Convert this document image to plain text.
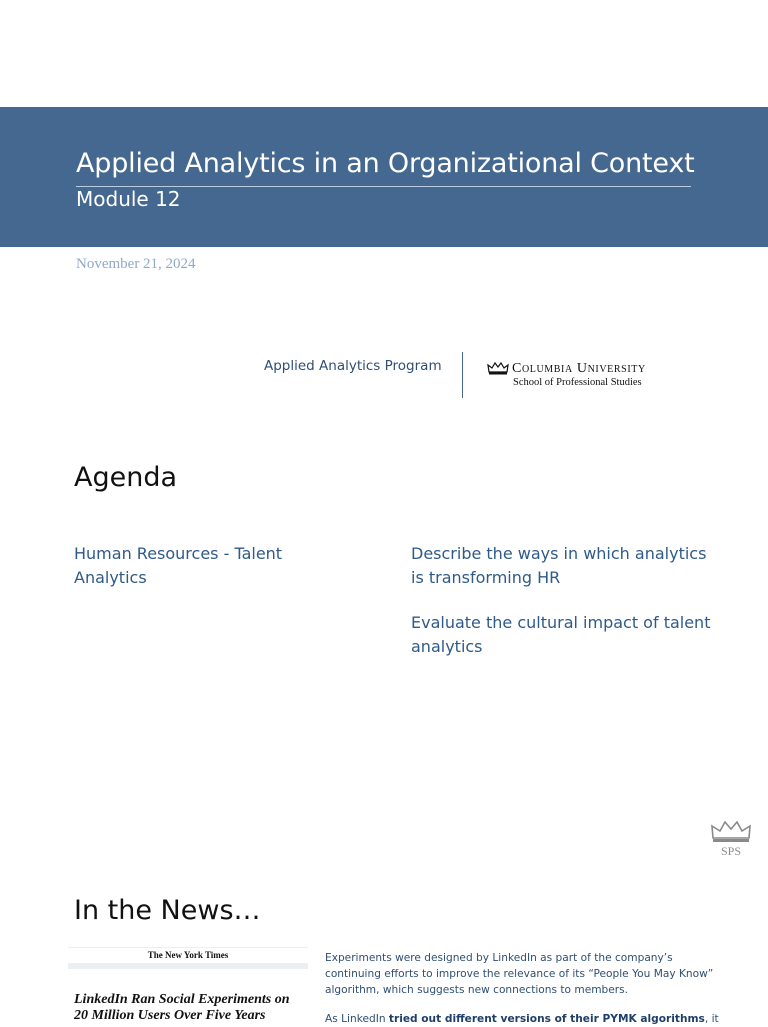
Applied Analytics in an Organizational Context
Module 12
November 21, 2024
Applied Analytics Program	Columbia University
School of Professional Studies
Agenda
Human Resources - Talent Analytics
Describe the ways in which analytics is transforming HR
Evaluate the cultural impact of talent analytics
SPS
In the News…
The New York Times
LinkedIn Ran Social Experiments on 20 Million Users Over Five Years
Experiments were designed by LinkedIn as part of the company’s continuing efforts to improve the relevance of its “People You May Know” algorithm, which suggests new connections to members.
As LinkedIn tried out different versions of their PYMK algorithms, it
